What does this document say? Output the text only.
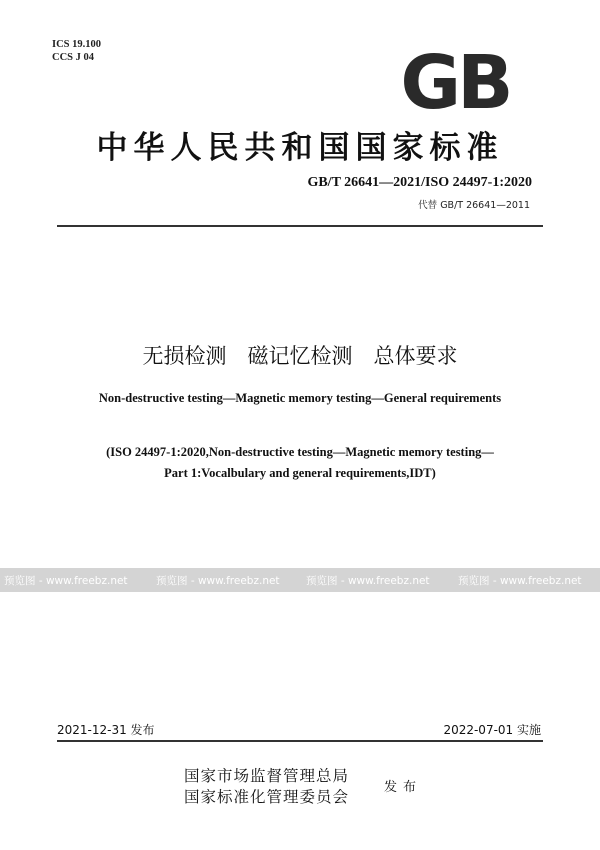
ICS 19.100
CCS J 04	GB
中华人民共和国国家标准
GB/T 26641—2021/ISO 24497-1:2020
代替 GB/T 26641—2011
无损检测　磁记忆检测　总体要求
Non-destructive testing—Magnetic memory testing—General requirements
(ISO 24497-1:2020,Non-destructive testing—Magnetic memory testing—
Part 1:Vocalbulary and general requirements,IDT)
预览图 - www.freebz.net	预览图 - www.freebz.net	预览图 - www.freebz.net	预览图 - www.freebz.net
2021-12-31 发布	2022-07-01 实施
国家市场监督管理总局
国家标准化管理委员会
发布
